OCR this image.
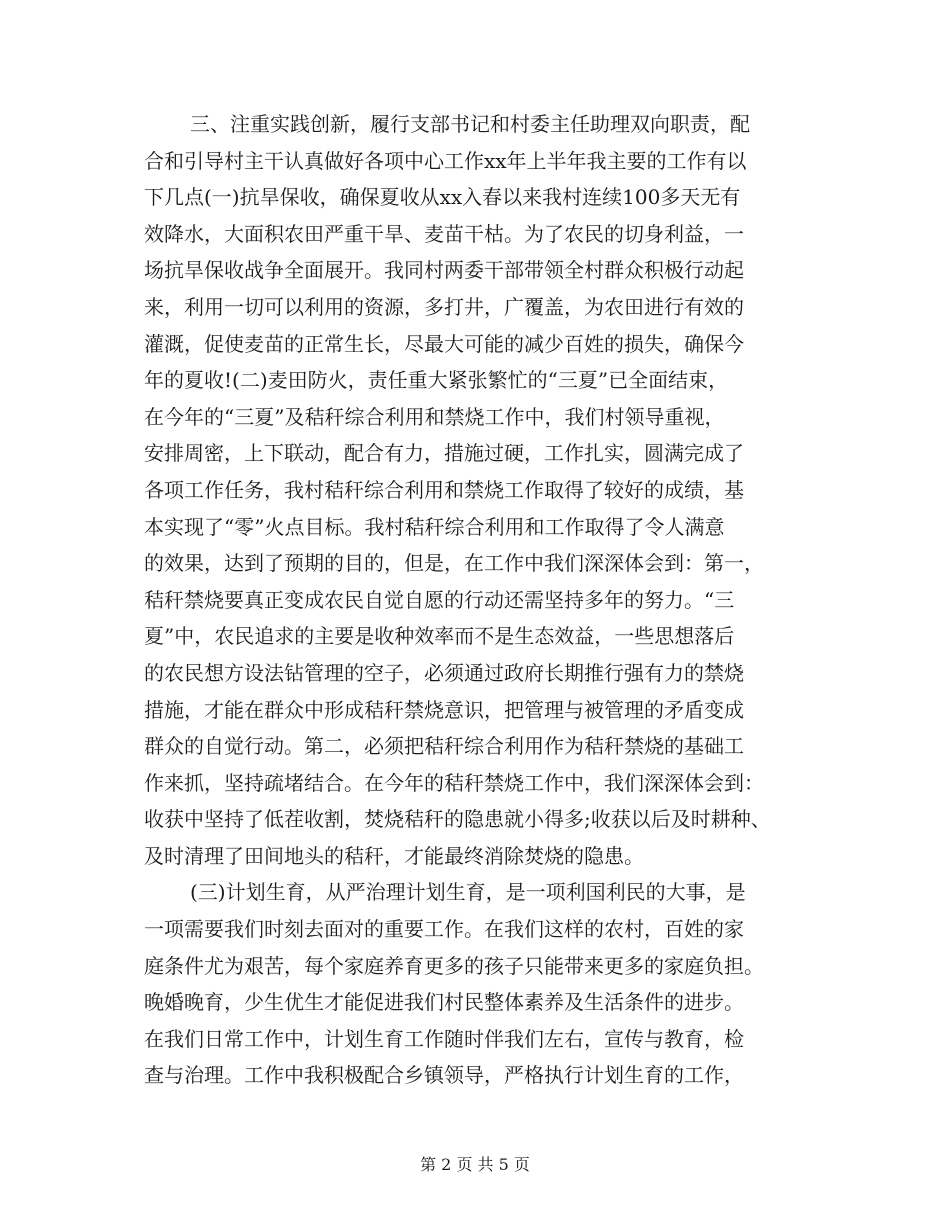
三、注重实践创新，履行支部书记和村委主任助理双向职责，配
合和引导村主干认真做好各项中心工作xx年上半年我主要的工作有以
下几点(一)抗旱保收，确保夏收从xx入春以来我村连续100多天无有
效降水，大面积农田严重干旱、麦苗干枯。为了农民的切身利益，一
场抗旱保收战争全面展开。我同村两委干部带领全村群众积极行动起
来，利用一切可以利用的资源，多打井，广覆盖，为农田进行有效的
灌溉，促使麦苗的正常生长，尽最大可能的减少百姓的损失，确保今
年的夏收!(二)麦田防火，责任重大紧张繁忙的“三夏”已全面结束，
在今年的“三夏”及秸秆综合利用和禁烧工作中，我们村领导重视，
安排周密，上下联动，配合有力，措施过硬，工作扎实，圆满完成了
各项工作任务，我村秸秆综合利用和禁烧工作取得了较好的成绩，基
本实现了“零”火点目标。我村秸秆综合利用和工作取得了令人满意
的效果，达到了预期的目的，但是，在工作中我们深深体会到：第一，
秸秆禁烧要真正变成农民自觉自愿的行动还需坚持多年的努力。“三
夏”中，农民追求的主要是收种效率而不是生态效益，一些思想落后
的农民想方设法钻管理的空子，必须通过政府长期推行强有力的禁烧
措施，才能在群众中形成秸秆禁烧意识，把管理与被管理的矛盾变成
群众的自觉行动。第二，必须把秸秆综合利用作为秸秆禁烧的基础工
作来抓，坚持疏堵结合。在今年的秸秆禁烧工作中，我们深深体会到：
收获中坚持了低茬收割，焚烧秸秆的隐患就小得多;收获以后及时耕种、
及时清理了田间地头的秸秆，才能最终消除焚烧的隐患。
(三)计划生育，从严治理计划生育，是一项利国利民的大事，是
一项需要我们时刻去面对的重要工作。在我们这样的农村，百姓的家
庭条件尤为艰苦，每个家庭养育更多的孩子只能带来更多的家庭负担。
晚婚晚育，少生优生才能促进我们村民整体素养及生活条件的进步。
在我们日常工作中，计划生育工作随时伴我们左右，宣传与教育，检
查与治理。工作中我积极配合乡镇领导，严格执行计划生育的工作，
第 2 页 共 5 页
